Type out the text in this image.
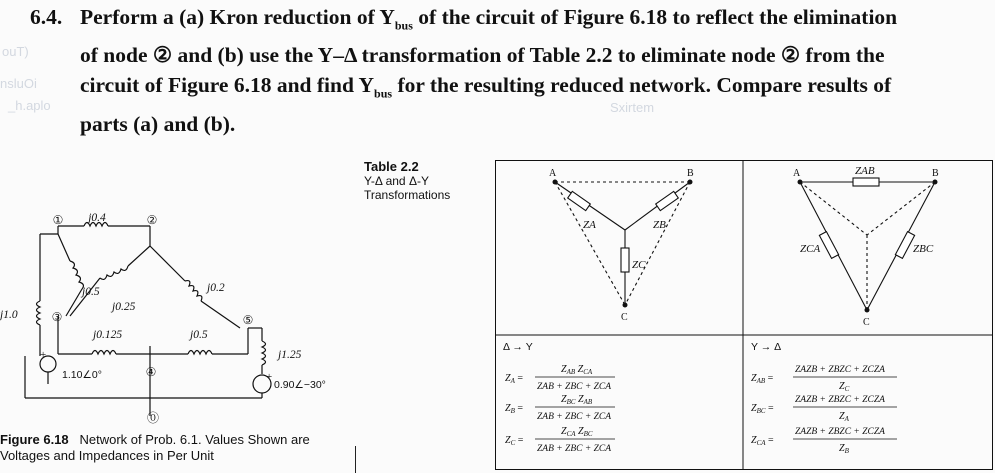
ouT)
nsluOi
_h.aplo	Sxirtem
6.4. Perform a (a) Kron reduction of $Y_{bus}$ of the circuit of Figure 6.18 to reflect the elimination
of node ② and (b) use the Y–Δ transformation of Table 2.2 to eliminate node ② from the
circuit of Figure 6.18 and find $Y_{bus}$ for the resulting reduced network. Compare results of
parts (a) and (b).
①	②
③
④
⑤
⓪
j0.4
j0.5
j0.25
j0.2
j0.125	j0.5
j1.0
j1.25
1.10∠0°
0.90∠−30°
+
+
Figure 6.18 Network of Prob. 6.1. Values Shown are
Voltages and Impedances in Per Unit
Table 2.2
Y-Δ and Δ-Y
Transformations
A	B
C
ZA	ZB
ZC
A	B
C
ZAB
ZCA	ZBC
Δ → Y	Y → Δ
$Z_A$ =
$Z_{AB}$ $Z_{CA}$
ZAB + ZBC + ZCA
$Z_B$ =
$Z_{BC}$ $Z_{AB}$
ZAB + ZBC + ZCA
$Z_C$ =
$Z_{CA}$ $Z_{BC}$
ZAB + ZBC + ZCA
$Z_{AB}$ =
ZAZB + ZBZC + ZCZA
$Z_C$
$Z_{BC}$ =
ZAZB + ZBZC + ZCZA
$Z_A$
$Z_{CA}$ =
ZAZB + ZBZC + ZCZA
$Z_B$
